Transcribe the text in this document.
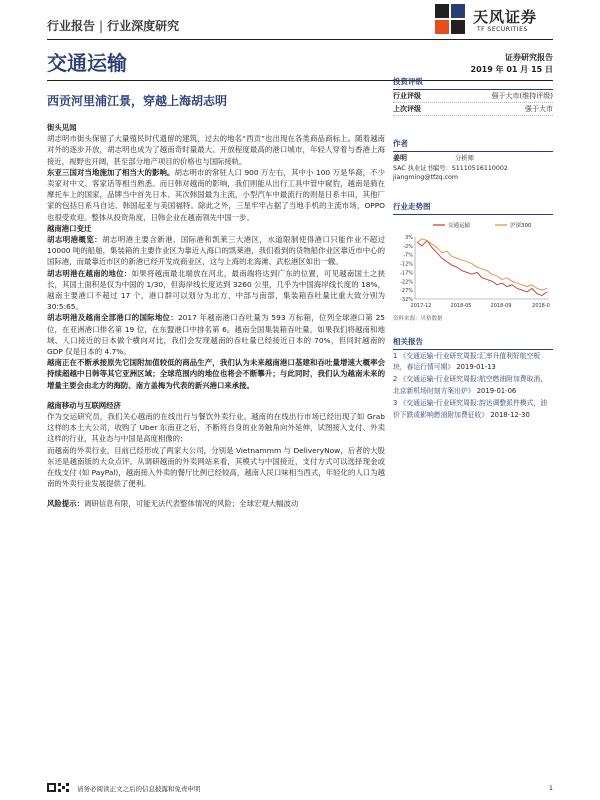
行业报告 | 行业深度研究	天风证券
TF SECURITIES
交通运输	证券研究报告
2019 年 01 月 15 日
西贡河里浦江景，穿越上海胡志明

街头见闻

胡志明市街头保留了大量殖民时代遗留的建筑，过去的地名“西贡”也出现在各类商品商标上。随着越南对外的逐步开放，胡志明也成为了越南奇时量最大、开放程度最高的港口城市，年轻人穿着与香港上海接近，视野也开阔，甚至部分地产项目的价格也与国际接轨。

东亚三国对当地施加了相当大的影响。胡志明市的常驻人口 900 万左右，其中小 100 万是华裔，不少卖家对中文、客家话等相当熟悉。而日韩对越南的影响，我们则能从出行工具中管中窥豹，越南是骑在摩托车上的国家，品牌当中首先日本、其次韩国最为主流，小型汽车中最流行的则是日系丰田，其他厂家的包括日系马自达、韩国起亚与美国福特。除此之外，三星牢牢占据了当地手机的主流市场，OPPO 也很受欢迎。整体从投资角度，日韩企业在越南领先中国一步。

越南港口变迁

胡志明港概览：胡志明港主要含新港、国际港和凯莱三大港区，水道限制使得港口只能作业不超过 10000 吨的船舶，集装箱的主要作业区为靠近入海口的凯莱港，我们看到的货物船作业区靠近市中心的国际港，而最靠近市区的新港已经开发成商业区，这与上海的北海滩、武松港区如出一辙。

胡志明港在越南的地位：如果将越南最北端放在河北，最南端将达到广东的位置，可见越南国土之狭长，其国土面积是仅为中国的 1/30，但海岸线长度达到 3260 公里，几乎为中国海岸线长度的 18%，越南主要港口不超过 17 个，港口群可以划分为北方、中部与南部，集装箱吞吐量比重大致分别为 30:5:65。

胡志明港及越南全部港口的国际地位：2017 年越南港口吞吐量为 593 万标箱，位列全球港口第 25 位，在亚洲港口排名第 19 位，在东盟港口中排名第 6。越南全国集装箱吞吐量，如果我们将越南和地域、人口接近的日本做个横向对比，我们会发现越南的吞吐量已经接近日本的 70%，但同时越南的 GDP 仅是日本的 4.7%。

越南正在不断承接原先它国附加值较低的商品生产，我们认为未来越南港口基建和吞吐量增速大概率会持续超越中日韩等其它亚洲区域；全球范围内的地位也将会不断攀升；与此同时，我们认为越南未来的增量主要会由北方的海防、南方盖梅为代表的新兴港口来承接。

越南移动与互联网经济

作为交运研究员，我们关心越南的在线出行与餐饮外卖行业。越南的在线出行市场已经出现了如 Grab 这样的本土大公司，收购了 Uber 东南亚之后，不断将自身的业务触角向外延伸，试图接入支付、外卖这样的行业，其业态与中国是高度相像的；

而越南的外卖行业，目前已经形成了两家大公司，分别是 Vietnammm 与 DeliveryNow，后者的大股东还是越南版的大众点评。从调研越南的外卖网站来看，其模式与中国接近，支付方式可以选择现金或在线支付 (如 PayPal)，越南接入外卖的餐厅比例已经较高，越南人民口味相当西式，年轻化的人口为越南的外卖行业发展提供了便利。

风险提示：调研信息有限，可能无法代表整体情况的风险；全球宏观大幅波动

投资评级
行业评级	强于大市(维持评级)
上次评级	强于大市
作者
姜明	分析师
SAC 执业证书编号：S1110516110002
jiangming@tfzq.com
行业走势图
3%
-2%
-7%
-12%
-17%
-22%
-27%
-32%
2017-12	2018-05	2018-09	2018-0
交通运输	沪深300
资料来源：贝格数据
相关报告
1 《交通运输-行业研究周报:汇率升值利好航空板块，春运行情可期》 2019-01-13
2 《交通运输-行业研究周报:航空燃油附加费取消，北京新机场时刻方案出炉》 2019-01-06
3 《交通运输-行业研究周报:韵达调整派件模式，油价下跌或影响燃油附加费征收》 2018-12-30
请务必阅读正文之后的信息披露和免责申明	1
